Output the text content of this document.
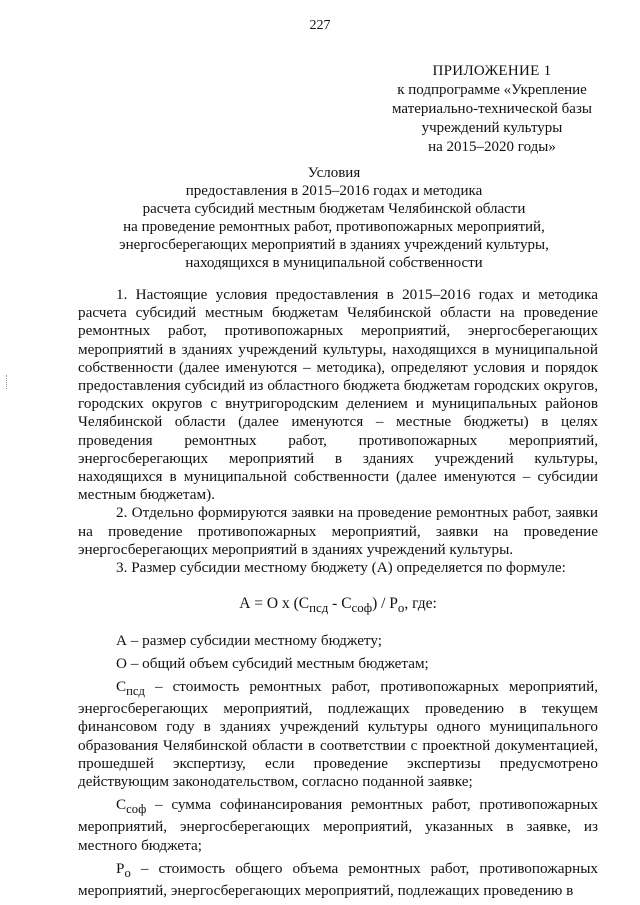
227
ПРИЛОЖЕНИЕ 1
к подпрограмме «Укрепление
материально-технической базы
учреждений культуры
на 2015–2020 годы»
Условия
предоставления в 2015–2016 годах и методика
расчета субсидий местным бюджетам Челябинской области
на проведение ремонтных работ, противопожарных мероприятий,
энергосберегающих мероприятий в зданиях учреждений культуры,
находящихся в муниципальной собственности

1. Настоящие условия предоставления в 2015–2016 годах и методика расчета субсидий местным бюджетам Челябинской области на проведение ремонтных работ, противопожарных мероприятий, энергосберегающих мероприятий в зданиях учреждений культуры, находящихся в муниципальной собственности (далее именуются – методика), определяют условия и порядок предоставления субсидий из областного бюджета бюджетам городских округов, городских округов с внутригородским делением и муниципальных районов Челябинской области (далее именуются – местные бюджеты) в целях проведения ремонтных работ, противопожарных мероприятий, энергосберегающих мероприятий в зданиях учреждений культуры, находящихся в муниципальной собственности (далее именуются – субсидии местным бюджетам).

2. Отдельно формируются заявки на проведение ремонтных работ, заявки на проведение противопожарных мероприятий, заявки на проведение энергосберегающих мероприятий в зданиях учреждений культуры.

3. Размер субсидии местному бюджету (А) определяется по формуле:

А = О х $(С_{псд} - С_{соф}) / Р_о$, где:

А – размер субсидии местному бюджету;

О – общий объем субсидий местным бюджетам;

$С_{псд}$ – стоимость ремонтных работ, противопожарных мероприятий, энергосберегающих мероприятий, подлежащих проведению в текущем финансовом году в зданиях учреждений культуры одного муниципального образования Челябинской области в соответствии с проектной документацией, прошедшей экспертизу, если проведение экспертизы предусмотрено действующим законодательством, согласно поданной заявке;

$С_{соф}$ – сумма софинансирования ремонтных работ, противопожарных мероприятий, энергосберегающих мероприятий, указанных в заявке, из местного бюджета;

$Р_о$ – стоимость общего объема ремонтных работ, противопожарных мероприятий, энергосберегающих мероприятий, подлежащих проведению в
